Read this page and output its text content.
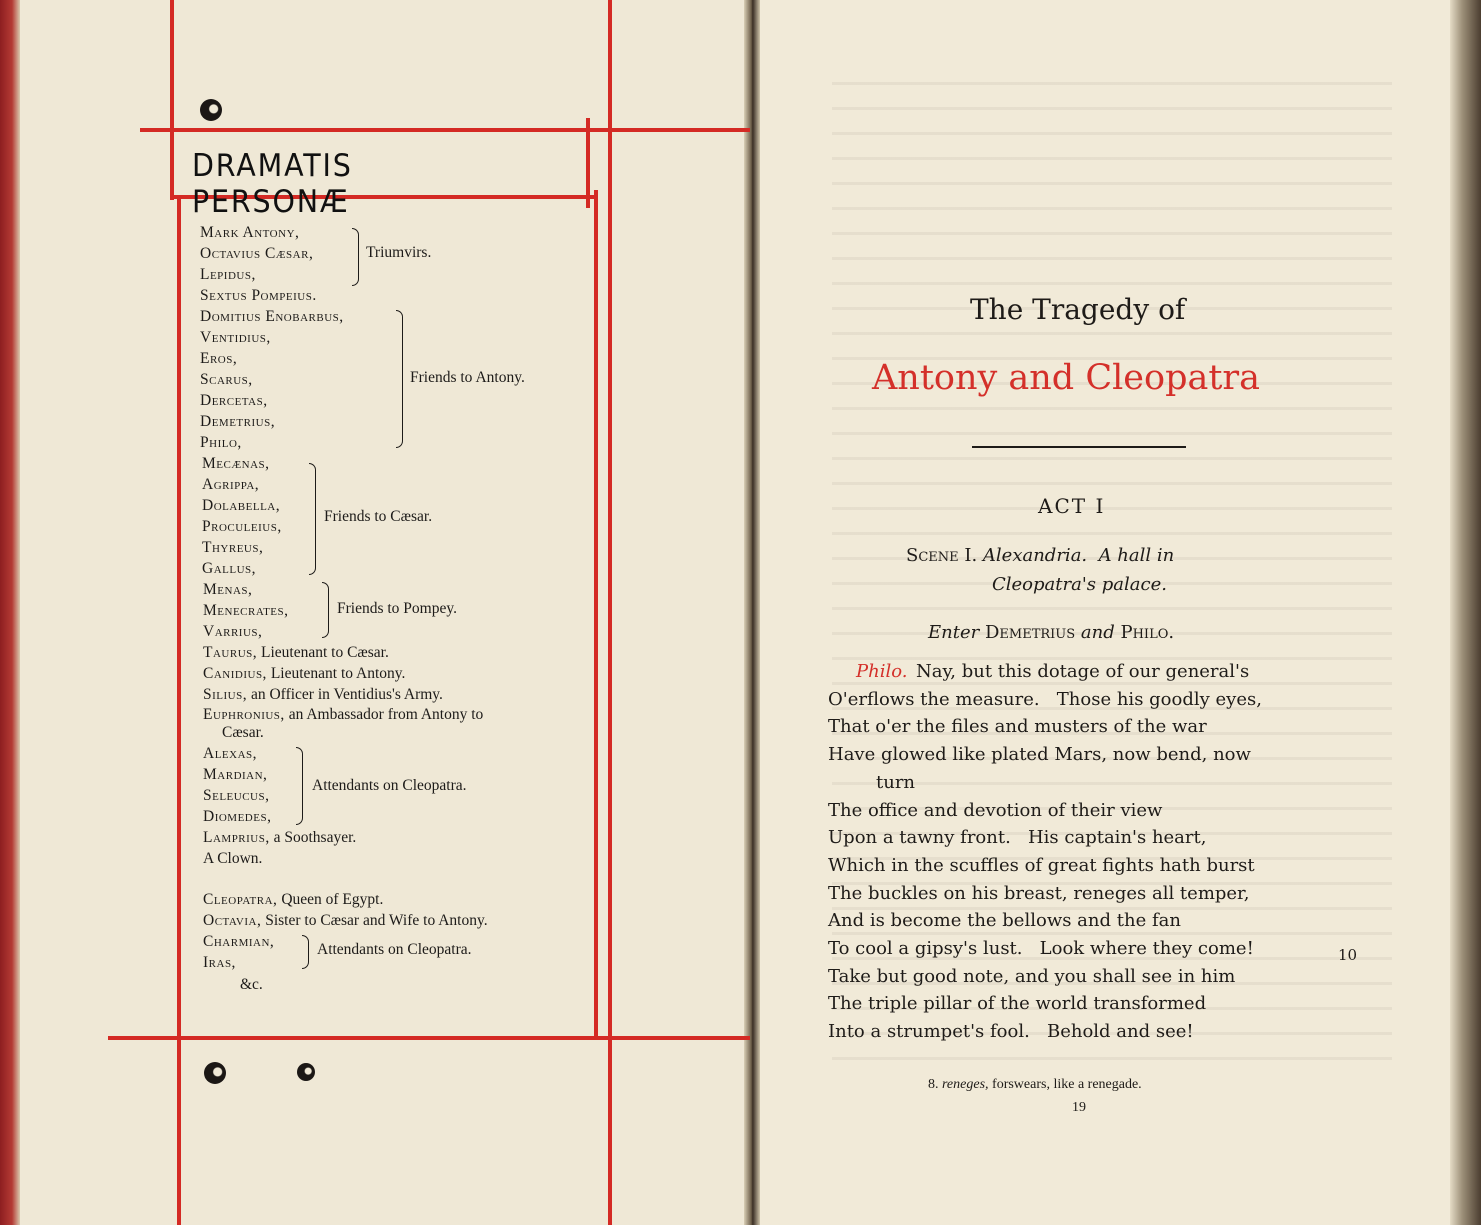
DRAMATIS PERSONÆ
Mark Antony,
Octavius Cæsar,
Lepidus,
Sextus Pompeius.
Domitius Enobarbus,
Ventidius,
Eros,
Scarus,
Dercetas,
Demetrius,
Philo,
Mecænas,
Agrippa,
Dolabella,
Proculeius,
Thyreus,
Gallus,
Menas,
Menecrates,
Varrius,
Taurus, Lieutenant to Cæsar.
Canidius, Lieutenant to Antony.
Silius, an Officer in Ventidius's Army.
Euphronius, an Ambassador from Antony to
Cæsar.
Alexas,
Mardian,
Seleucus,
Diomedes,
Lamprius, a Soothsayer.
A Clown.
Cleopatra, Queen of Egypt.
Octavia, Sister to Cæsar and Wife to Antony.
Charmian,
Iras,
&c.
Triumvirs.
Friends to Antony.
Friends to Cæsar.
Friends to Pompey.
Attendants on Cleopatra.
Attendants on Cleopatra.
The Tragedy of
Antony and Cleopatra
ACT I
Scene I. Alexandria.  A hall in
Cleopatra's palace.
Enter Demetrius and Philo.
Philo. Nay, but this dotage of our general's
O'erflows the measure.   Those his goodly eyes,
That o'er the files and musters of the war
Have glowed like plated Mars, now bend, now
turn
The office and devotion of their view
Upon a tawny front.   His captain's heart,
Which in the scuffles of great fights hath burst
The buckles on his breast, reneges all temper,
And is become the bellows and the fan
To cool a gipsy's lust.   Look where they come!
Take but good note, and you shall see in him
The triple pillar of the world transformed
Into a strumpet's fool.   Behold and see!
10
8. reneges, forswears, like a renegade.
19
